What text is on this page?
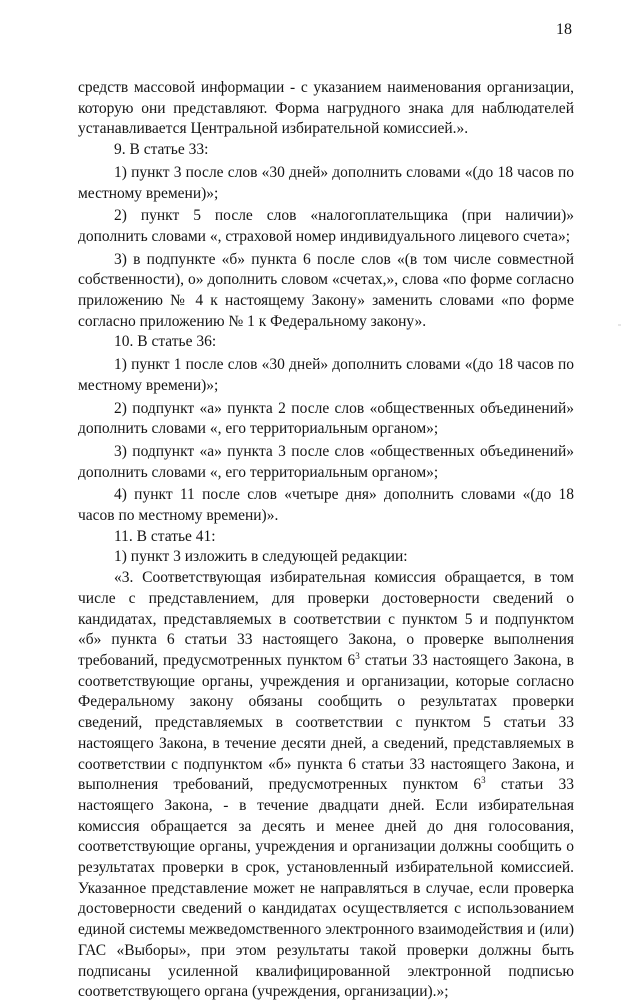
18

средств массовой информации - с указанием наименования организации, которую они представляют. Форма нагрудного знака для наблюдателей устанавливается Центральной избирательной комиссией.».

9. В статье 33:

1) пункт 3 после слов «30 дней» дополнить словами «(до 18 часов по местному времени)»;

2) пункт 5 после слов «налогоплательщика (при наличии)» дополнить словами «, страховой номер индивидуального лицевого счета»;

3) в подпункте «б» пункта 6 после слов «(в том числе совместной собственности), о» дополнить словом «счетах,», слова «по форме согласно приложению № 4 к настоящему Закону» заменить словами «по форме согласно приложению № 1 к Федеральному закону».

10. В статье 36:

1) пункт 1 после слов «30 дней» дополнить словами «(до 18 часов по местному времени)»;

2) подпункт «а» пункта 2 после слов «общественных объединений» дополнить словами «, его территориальным органом»;

3) подпункт «а» пункта 3 после слов «общественных объединений» дополнить словами «, его территориальным органом»;

4) пункт 11 после слов «четыре дня» дополнить словами «(до 18 часов по местному времени)».

11. В статье 41:

1) пункт 3 изложить в следующей редакции:

«3. Соответствующая избирательная комиссия обращается, в том числе с представлением, для проверки достоверности сведений о кандидатах, представляемых в соответствии с пунктом 5 и подпунктом «б» пункта 6 статьи 33 настоящего Закона, о проверке выполнения требований, предусмотренных пунктом $6^3$ статьи 33 настоящего Закона, в соответствующие органы, учреждения и организации, которые согласно Федеральному закону обязаны сообщить о результатах проверки сведений, представляемых в соответствии с пунктом 5 статьи 33 настоящего Закона, в течение десяти дней, а сведений, представляемых в соответствии с подпунктом «б» пункта 6 статьи 33 настоящего Закона, и выполнения требований, предусмотренных пунктом $6^3$ статьи 33 настоящего Закона, - в течение двадцати дней. Если избирательная комиссия обращается за десять и менее дней до дня голосования, соответствующие органы, учреждения и организации должны сообщить о результатах проверки в срок, установленный избирательной комиссией. Указанное представление может не направляться в случае, если проверка достоверности сведений о кандидатах осуществляется с использованием единой системы межведомственного электронного взаимодействия и (или) ГАС «Выборы», при этом результаты такой проверки должны быть подписаны усиленной квалифицированной электронной подписью соответствующего органа (учреждения, организации).»;
